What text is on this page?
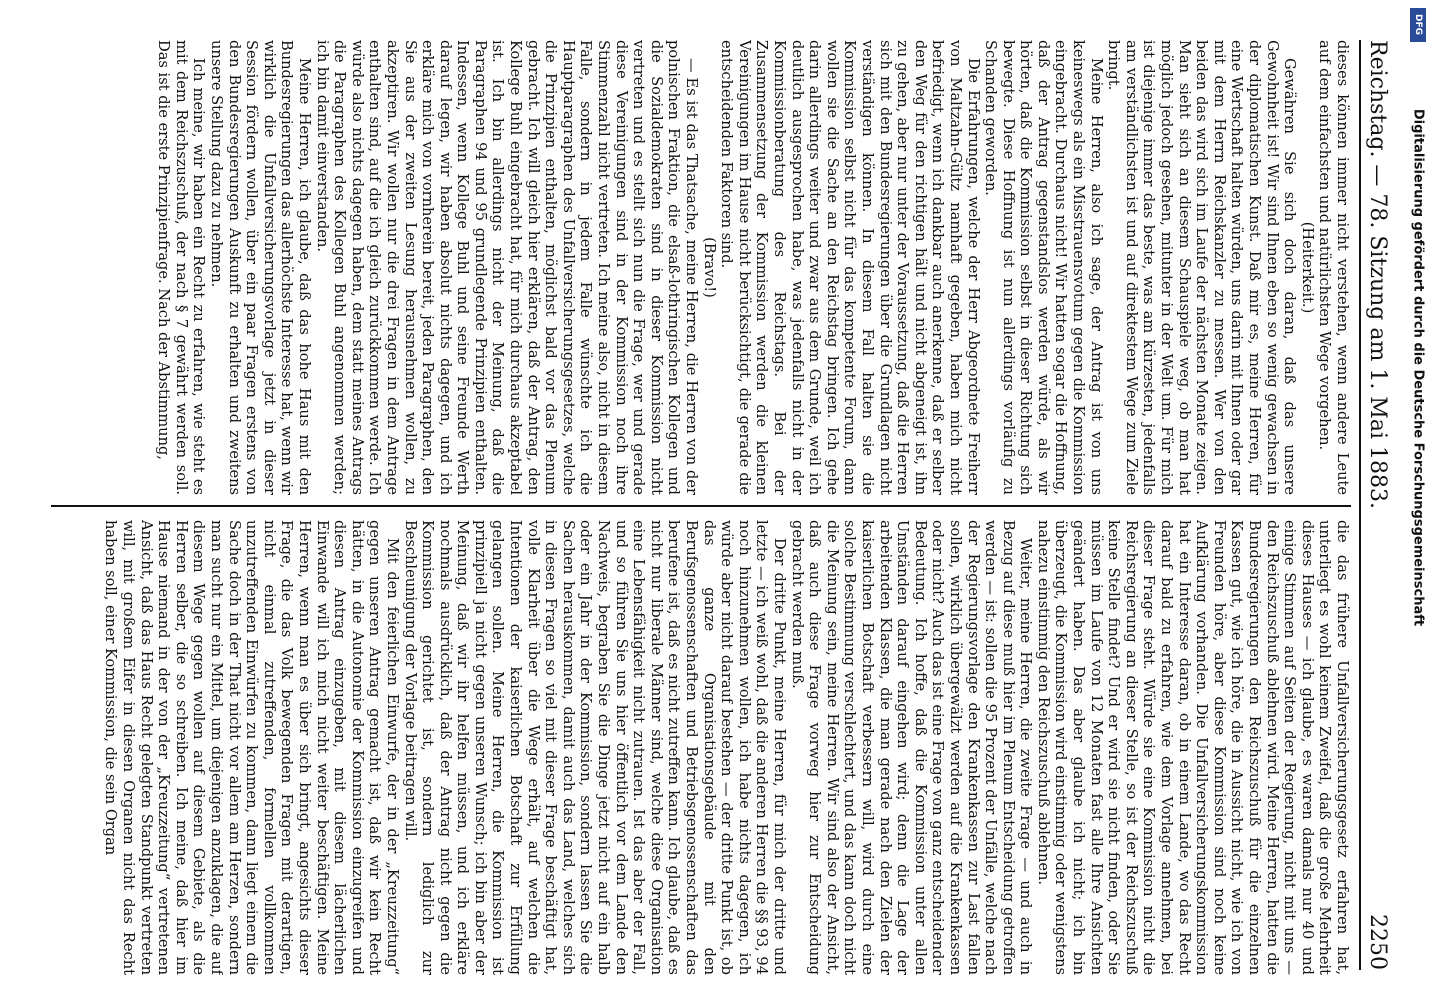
Reichstag. — 78. Sitzung am 1. Mai 1883.
2250

dieses können immer nicht verstehen, wenn andere Leute auf dem einfachsten und natürlichsten Wege vorgehen.

(Heiterkeit.)

Gewähren Sie sich doch daran, daß das unsere Gewohnheit ist! Wir sind Ihnen eben so wenig gewachsen in der diplomatischen Kunst. Daß mir es, meine Herren, für eine Wertschaft halten würden, uns darin mit Ihnen oder gar mit dem Herrn Reichskanzler zu messen. Wer von den beiden das wird sich im Laufe der nächsten Monate zeigen. Man sieht sich an diesem Schauspiele weg, ob man hat möglich jedoch gesehen, mitunter in der Welt um. Für mich ist diejenige immer das beste, was am kürzesten, jedenfalls am verständlichsten ist und auf direktestem Wege zum Ziele bringt.

Meine Herren, also ich sage, der Antrag ist von uns keineswegs als ein Misstrauensvotum gegen die Kommission eingebracht. Durchaus nicht! Wir hatten sogar die Hoffnung, daß der Antrag gegenstandslos werden würde, als wir hörten, daß die Kommission selbst in dieser Richtung sich bewegte. Diese Hoffnung ist nun allerdings vorläufig zu Schanden geworden.

Die Erfahrungen, welche der Herr Abgeordnete Freiherr von Maltzahn-Gültz namhaft gegeben, haben mich nicht befriedigt, wenn ich dankbar auch anerkenne, daß er selber den Weg für den richtigen hält und nicht abgeneigt ist, ihn zu gehen, aber nur unter der Voraussetzung, daß die Herren sich mit den Bundesregierungen über die Grundlagen nicht verständigen können. In diesem Fall halten sie die Kommission selbst nicht für das kompetente Forum, dann wollen sie die Sache an den Reichstag bringen. Ich gehe darin allerdings weiter und zwar aus dem Grunde, weil ich deutlich ausgesprochen habe, was jedenfalls nicht in der Kommissionberatung des Reichstags. Bei der Zusammensetzung der Kommission werden die kleinen Vereinigungen im Hause nicht berücksichtigt, die gerade die entscheidenden Faktoren sind.

(Bravo!)

— Es ist das Thatsache, meine Herren, die Herren von der polnischen Fraktion, die elsaß-lothringischen Kollegen und die Sozialdemokraten sind in dieser Kommission nicht vertreten und es stellt sich nun die Frage, wer und gerade diese Vereinigungen sind in der Kommission noch ihre Stimmenzahl nicht vertreten. Ich meine also, nicht in diesem Falle, sondern in jedem Falle wünschte ich die Hauptparagraphen des Unfallversicherungsgesetzes, welche die Prinzipien enthalten, möglichst bald vor das Plenum gebracht. Ich will gleich hier erklären, daß der Antrag, den Kollege Buhl eingebracht hat, für mich durchaus akzeptabel ist. Ich bin allerdings nicht der Meinung, daß die Paragraphen 94 und 95 grundlegende Prinzipien enthalten. Indessen, wenn Kollege Buhl und seine Freunde Werth darauf legen, wir haben absolut nichts dagegen, und ich erkläre mich von vornherein bereit, jeden Paragraphen, den Sie aus der zweiten Lesung herausnehmen wollen, zu akzeptiren. Wir wollen nur die drei Fragen in dem Antrage enthalten sind, auf die ich gleich zurückkommen werde. Ich würde also nichts dagegen haben, dem statt meines Antrags die Paragraphen des Kollegen Buhl angenommen werden; ich bin damit einverstanden.

Meine Herren, ich glaube, daß das hohe Haus mit den Bundesregierungen das allerhöchste Interesse hat, wenn wir wirklich die Unfallversicherungsvorlage jetzt in dieser Session fördern wollen, über ein paar Fragen erstens von den Bundesregierungen Auskunft zu erhalten und zweitens unsere Stellung dazu zu nehmen.

Ich meine, wir haben ein Recht zu erfahren, wie steht es mit dem Reichszuschuß, der nach § 7 gewährt werden soll. Das ist die erste Prinzipienfrage. Nach der Abstimmung,

die das frühere Unfallversicherungsgesetz erfahren hat, unterliegt es wohl keinem Zweifel, daß die große Mehrheit dieses Hauses — ich glaube, es waren damals nur 40 und einige Stimmen auf Seiten der Regierung, nicht mit uns — den Reichszuschuß ablehnen wird. Meine Herren, hatten die Bundesregierungen den Reichszuschuß für die einzelnen Kassen gut, wie ich höre, die in Aussicht nicht, wie ich von Freunden höre, aber diese Kommission sind noch keine Aufklärung vorhanden. Die Unfallversicherungskommission hat ein Interesse daran, ob in einem Lande, wo das Recht darauf bald zu erfahren, wie dem Vorlage annehmen, bei dieser Frage steht. Würde sie eine Kommission nicht die Reichsregierung an dieser Stelle, so ist der Reichszuschuß keine Stelle findet? Und er wird sie nicht finden, oder Sie müssen im Laufe von 12 Monaten fast alle Ihre Ansichten geändert haben. Das aber glaube ich nicht; ich bin überzeugt, die Kommission wird einstimmig oder wenigstens nahezu einstimmig den Reichszuschuß ablehnen.

Weiter, meine Herren, die zweite Frage — und auch in Bezug auf diese muß hier im Plenum Entscheidung getroffen werden — ist: sollen die 95 Prozent der Unfälle, welche nach der Regierungsvorlage den Krankenkassen zur Last fallen sollen, wirklich übergewälzt werden auf die Krankenkassen oder nicht? Auch das ist eine Frage von ganz entscheidender Bedeutung. Ich hoffe, daß die Kommission unter allen Umständen darauf eingehen wird; denn die Lage der arbeitenden Klassen, die man gerade nach den Zielen der kaiserlichen Botschaft verbessern will, wird durch eine solche Bestimmung verschlechtert, und das kann doch nicht die Meinung sein, meine Herren. Wir sind also der Ansicht, daß auch diese Frage vorweg hier zur Entscheidung gebracht werden muß.

Der dritte Punkt, meine Herren, für mich der dritte und letzte — ich weiß wohl, daß die anderen Herren die §§ 93, 94 noch hinzunehmen wollen, ich habe nichts dagegen, ich würde aber nicht darauf bestehen — der dritte Punkt ist, ob das ganze Organisationsgebäude mit den Berufsgenossenschaften und Betriebsgenossenschaften das berufene ist, daß es nicht zutreffen kann. Ich glaube, daß es nicht nur liberale Männer sind, welche diese Organisation eine Lebensfähigkeit nicht zutrauen. Ist das aber der Fall, und so führen Sie uns hier öffentlich vor dem Lande den Nachweis, begraben Sie die Dinge jetzt nicht auf ein halb oder ein Jahr in der Kommission, sondern lassen Sie die Sachen herauskommen, damit auch das Land, welches sich in diesen Fragen so viel mit dieser Frage beschäftigt hat, volle Klarheit über die Wege erhält, auf welchen die Intentionen der kaiserlichen Botschaft zur Erfüllung gelangen sollen. Meine Herren, die Kommission ist prinzipiell ja nicht gegen unseren Wunsch; ich bin aber der Meinung, daß wir ihr helfen müssen, und ich erkläre nochmals ausdrücklich, daß der Antrag nicht gegen die Kommission gerichtet ist, sondern lediglich zur Beschleunigung der Vorlage beitragen will.

Mit den feierlichen Einwurfe, der in der „Kreuzzeitung“ gegen unseren Antrag gemacht ist, daß wir kein Recht hätten, in die Autonomie der Kommission einzugreifen und diesen Antrag einzugeben, mit diesem lächerlichen Einwande will ich mich nicht weiter beschäftigen. Meine Herren, wenn man es über sich bringt, angesichts dieser Frage, die das Volk bewegenden Fragen mit derartigen, nicht einmal zutreffenden, formellen vollkommen unzutreffenden Einwürfen zu kommen, dann liegt einem die Sache doch in der That nicht vor allem am Herzen, sondern man sucht nur ein Mittel, um diejenigen anzuklagen, die auf diesem Wege gegen wollen auf diesem Gebiete, als die Herren selber, die so schreiben. Ich meine, daß hier im Hause niemand in der von der „Kreuzzeitung“ vertretenen Ansicht, daß das Haus Recht gelegten Standpunkt vertreten will, mit großem Eifer in diesen Organen nicht das Recht haben soll, einer Kommission, die sein Organ

DFG
Digitalisierung gefördert durch die Deutsche Forschungsgemeinschaft
